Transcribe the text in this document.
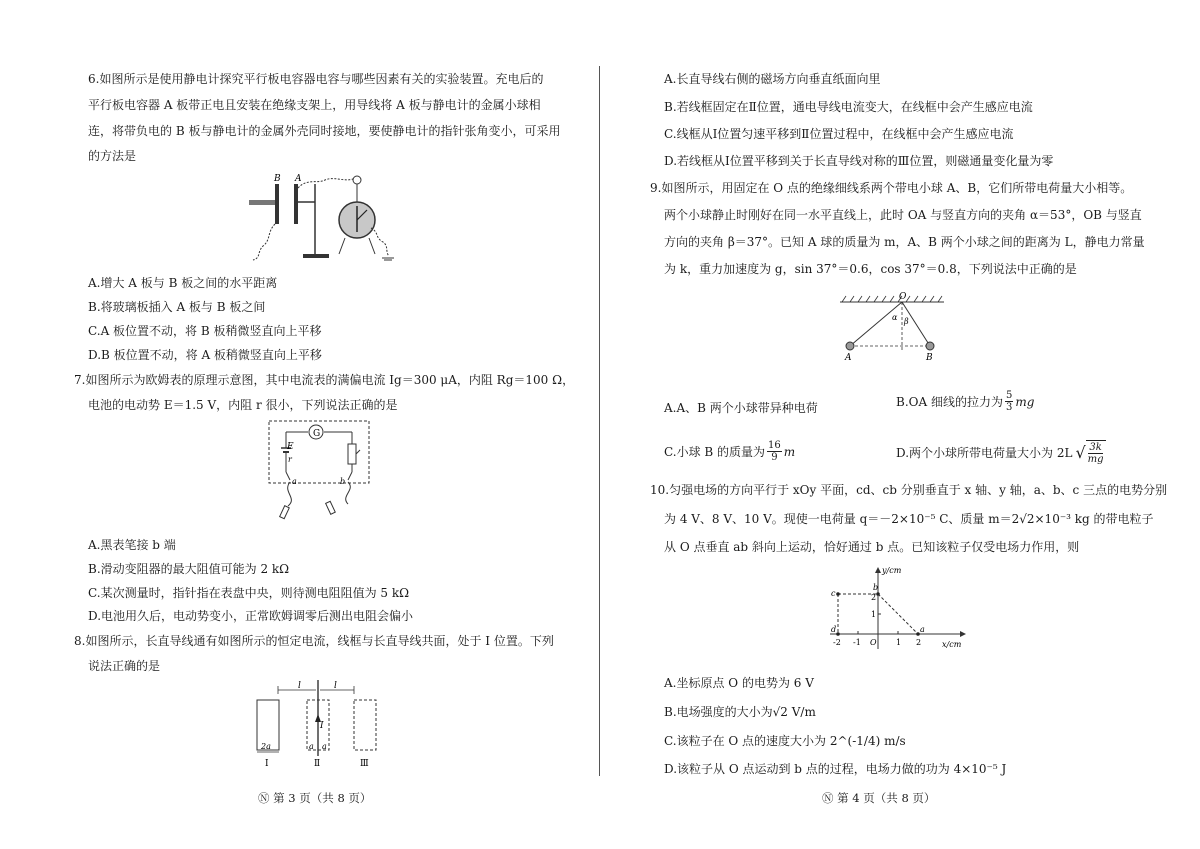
6.如图所示是使用静电计探究平行板电容器电容与哪些因素有关的实验装置。充电后的
平行板电容器 A 板带正电且安装在绝缘支架上，用导线将 A 板与静电计的金属小球相
连，将带负电的 B 板与静电计的金属外壳同时接地，要使静电计的指针张角变小，可采用
的方法是
B A
A.增大 A 板与 B 板之间的水平距离
B.将玻璃板插入 A 板与 B 板之间
C.A 板位置不动，将 B 板稍微竖直向上平移
D.B 板位置不动，将 A 板稍微竖直向上平移
7.如图所示为欧姆表的原理示意图，其中电流表的满偏电流 Ig＝300 μA，内阻 Rg＝100 Ω，
电池的电动势 E＝1.5 V，内阻 r 很小，下列说法正确的是
G
E
r
a	b
A.黑表笔接 b 端
B.滑动变阻器的最大阻值可能为 2 kΩ
C.某次测量时，指针指在表盘中央，则待测电阻阻值为 5 kΩ
D.电池用久后，电动势变小，正常欧姆调零后测出电阻会偏小
8.如图所示，长直导线通有如图所示的恒定电流，线框与长直导线共面，处于 I 位置。下列
说法正确的是
l	l
I
2a	a a
Ⅰ	Ⅱ	Ⅲ
Ⓝ 第 3 页（共 8 页）
A.长直导线右侧的磁场方向垂直纸面向里
B.若线框固定在Ⅱ位置，通电导线电流变大，在线框中会产生感应电流
C.线框从Ⅰ位置匀速平移到Ⅱ位置过程中，在线框中会产生感应电流
D.若线框从Ⅰ位置平移到关于长直导线对称的Ⅲ位置，则磁通量变化量为零
9.如图所示，用固定在 O 点的绝缘细线系两个带电小球 A、B，它们所带电荷量大小相等。
两个小球静止时刚好在同一水平直线上，此时 OA 与竖直方向的夹角 α＝53°，OB 与竖直
方向的夹角 β＝37°。已知 A 球的质量为 m，A、B 两个小球之间的距离为 L，静电力常量
为 k，重力加速度为 g，sin 37°＝0.6，cos 37°＝0.8，下列说法中正确的是
O
α β
A	B
A.A、B 两个小球带异种电荷	B.OA 细线的拉力为 $\frac{5}{3}$ mg
C.小球 B 的质量为 $\frac{16}{9}$ m	D.两个小球所带电荷量大小为 2L √ $\frac{3k}{mg}$
10.匀强电场的方向平行于 xOy 平面，cd、cb 分别垂直于 x 轴、y 轴，a、b、c 三点的电势分别
为 4 V、8 V、10 V。现使一电荷量 q＝－2×10⁻⁵ C、质量 m＝2√2×10⁻³ kg 的带电粒子
从 O 点垂直 ab 斜向上运动，恰好通过 b 点。已知该粒子仅受电场力作用，则
y/cm
x/cm
O
a
b
c
d
2
1
-2 -1	1 2
A.坐标原点 O 的电势为 6 V
B.电场强度的大小为√2 V/m
C.该粒子在 O 点的速度大小为 2^(-1/4) m/s
D.该粒子从 O 点运动到 b 点的过程，电场力做的功为 4×10⁻⁵ J
Ⓝ 第 4 页（共 8 页）
